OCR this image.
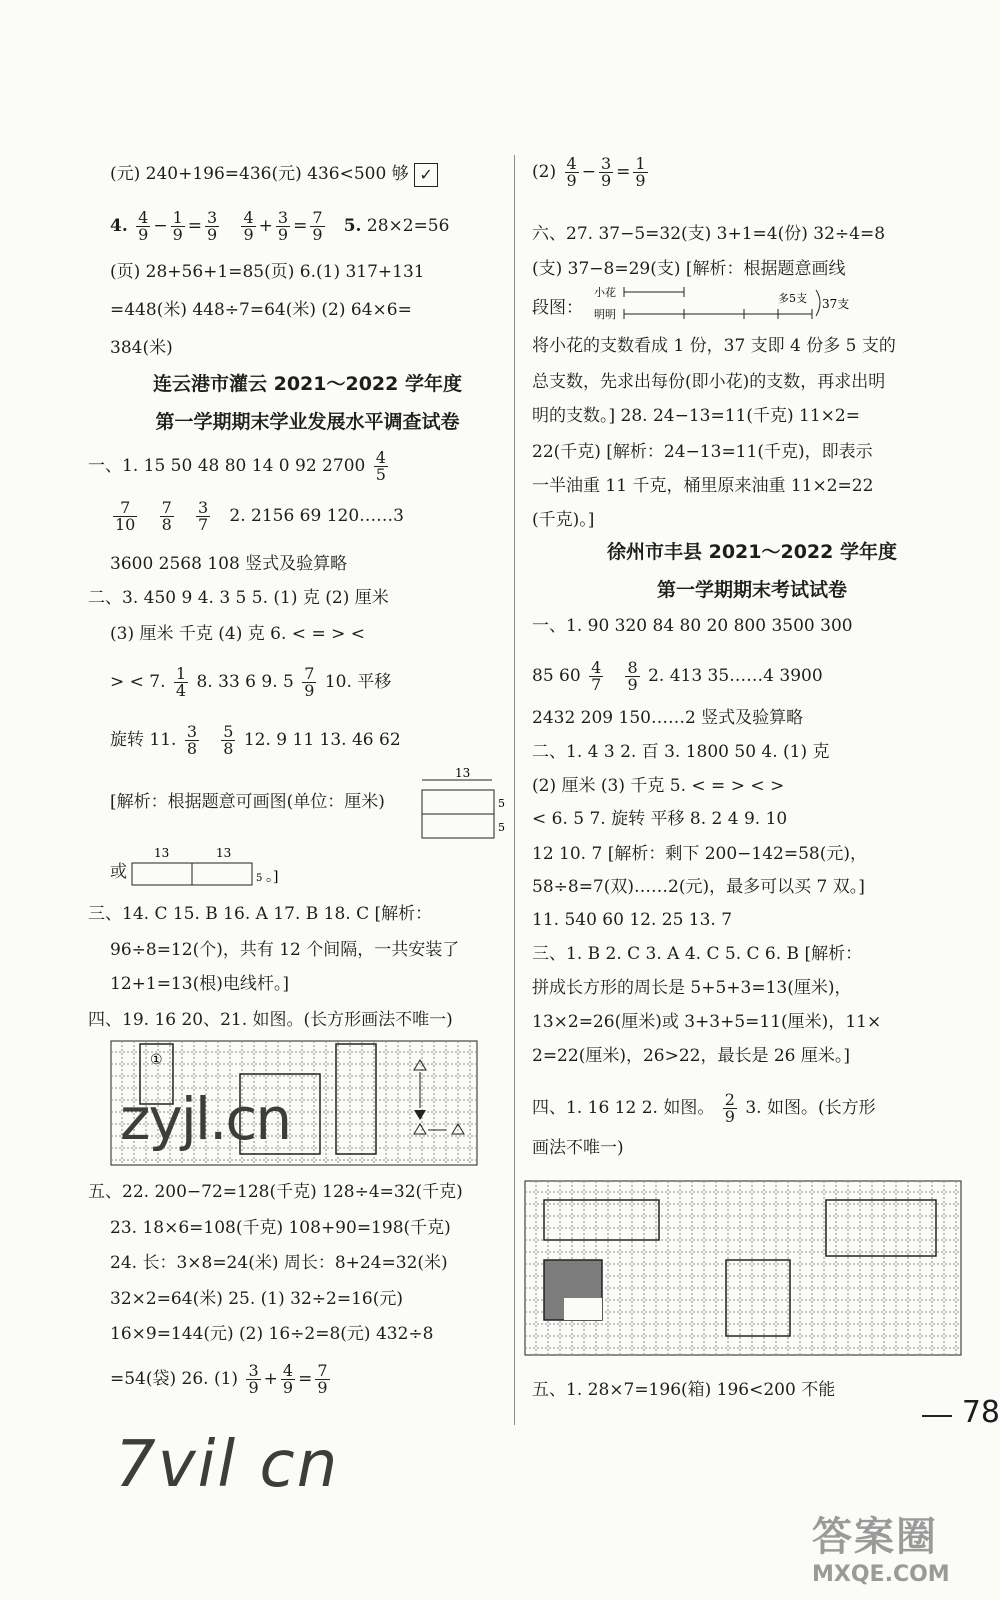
(元) 240+196=436(元) 436<500 够 ✓
4. $\frac{4}{9} - \frac{1}{9} = \frac{3}{9}$
$\frac{4}{9} + \frac{3}{9} = \frac{7}{9} 5$. 28×2=56
(页) 28+56+1=85(页) 6.(1) 317+131
=448(米) 448÷7=64(米) (2) 64×6=
384(米)
连云港市灌云 2021～2022 学年度
第一学期期末学业发展水平调查试卷
一、1. 15 50 48 80 14 0 92 $2700 \frac{4}{5}$
$\frac{7}{10}$
$\frac{7}{8}$
$\frac{3}{7} 2$. 2156 69 120……3
3600 2568 108 竖式及验算略
二、3. 450 9 4. 3 5 5. (1) 克 (2) 厘米
(3) 厘米 千克 (4) 克 6. < = > <
> < 7. $\frac{1}{4} 8$. 33 6 9. $5 \frac{7}{9} 10$. 平移
旋转 11. $\frac{3}{8}$
$\frac{5}{8} 12$. 9 11 13. 46 62
[解析：根据题意可画图(单位：厘米)
13
5
5
或
13	13
5 。]
三、14. C 15. B 16. A 17. B 18. C [解析：
96÷8=12(个)，共有 12 个间隔，一共安装了
12+1=13(根)电线杆。]
四、19. 16 20、21. 如图。(长方形画法不唯一)
①
五、22. 200−72=128(千克) 128÷4=32(千克)
23. 18×6=108(千克) 108+90=198(千克)
24. 长：3×8=24(米) 周长：8+24=32(米)
32×2=64(米) 25. (1) 32÷2=16(元)
16×9=144(元) (2) 16÷2=8(元) 432÷8
=54(袋) 26. $(1) \frac{3}{9} + \frac{4}{9} = \frac{7}{9}$
$(2) \frac{4}{9} - \frac{3}{9} = \frac{1}{9}$
六、27. 37−5=32(支) 3+1=4(份) 32÷4=8
(支) 37−8=29(支) [解析：根据题意画线
段图：
小花
明明
多5支 37支
将小花的支数看成 1 份，37 支即 4 份多 5 支的
总支数，先求出每份(即小花)的支数，再求出明
明的支数。] 28. 24−13=11(千克) 11×2=
22(千克) [解析：24−13=11(千克)，即表示
一半油重 11 千克，桶里原来油重 11×2=22
(千克)。]
徐州市丰县 2021～2022 学年度
第一学期期末考试试卷
一、1. 90 320 84 80 20 800 3500 300
85 $60 \frac{4}{7}$
$\frac{8}{9} 2$. 413 35……4 3900
2432 209 150……2 竖式及验算略
二、1. 4 3 2. 百 3. 1800 50 4. (1) 克
(2) 厘米 (3) 千克 5. < = > < >
< 6. 5 7. 旋转 平移 8. 2 4 9. 10
12 10. 7 [解析：剩下 200−142=58(元)，
58÷8=7(双)……2(元)，最多可以买 7 双。]
11. 540 60 12. 25 13. 7
三、1. B 2. C 3. A 4. C 5. C 6. B [解析：
拼成长方形的周长是 5+5+3=13(厘米)，
13×2=26(厘米)或 3+3+5=11(厘米)，11×
2=22(厘米)，26>22，最长是 26 厘米。]
四、1. 16 12 2. 如图。 $\frac{2}{9} 3$. 如图。(长方形
画法不唯一)
五、1. 28×7=196(箱) 196<200 不能
zyjl.cn
7vil cn
78
答案圈
MXQE.COM
